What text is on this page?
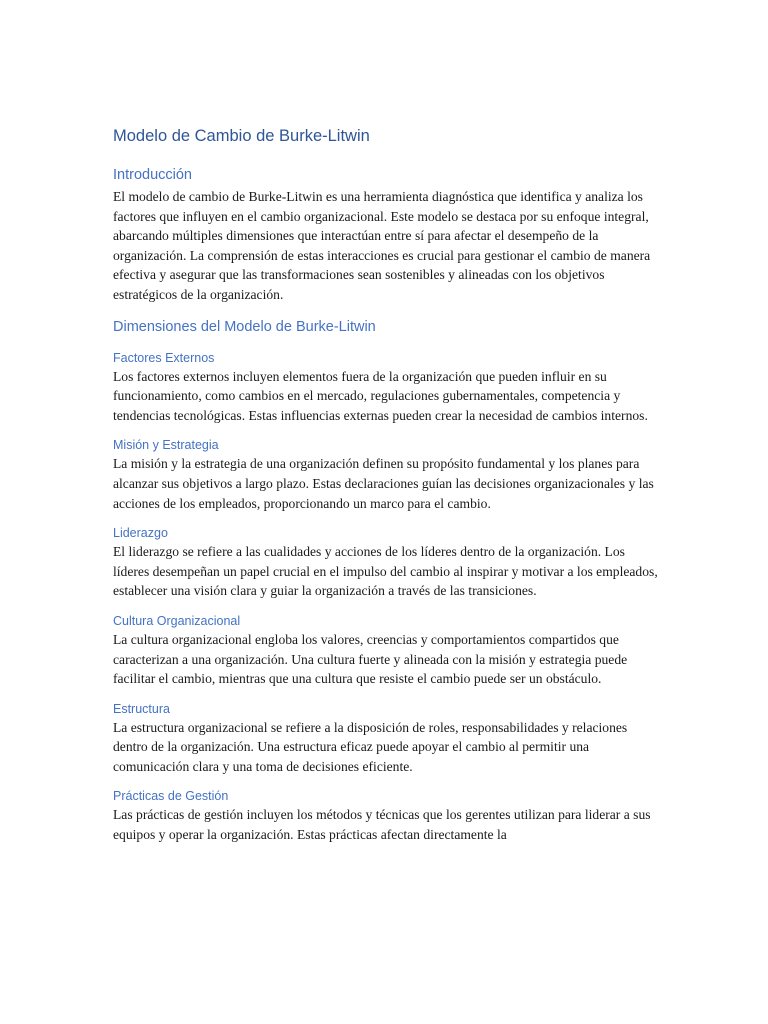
Modelo de Cambio de Burke-Litwin
Introducción

El modelo de cambio de Burke-Litwin es una herramienta diagnóstica que identifica y analiza los factores que influyen en el cambio organizacional. Este modelo se destaca por su enfoque integral, abarcando múltiples dimensiones que interactúan entre sí para afectar el desempeño de la organización. La comprensión de estas interacciones es crucial para gestionar el cambio de manera efectiva y asegurar que las transformaciones sean sostenibles y alineadas con los objetivos estratégicos de la organización.

Dimensiones del Modelo de Burke-Litwin
Factores Externos

Los factores externos incluyen elementos fuera de la organización que pueden influir en su funcionamiento, como cambios en el mercado, regulaciones gubernamentales, competencia y tendencias tecnológicas. Estas influencias externas pueden crear la necesidad de cambios internos.

Misión y Estrategia

La misión y la estrategia de una organización definen su propósito fundamental y los planes para alcanzar sus objetivos a largo plazo. Estas declaraciones guían las decisiones organizacionales y las acciones de los empleados, proporcionando un marco para el cambio.

Liderazgo

El liderazgo se refiere a las cualidades y acciones de los líderes dentro de la organización. Los líderes desempeñan un papel crucial en el impulso del cambio al inspirar y motivar a los empleados, establecer una visión clara y guiar la organización a través de las transiciones.

Cultura Organizacional

La cultura organizacional engloba los valores, creencias y comportamientos compartidos que caracterizan a una organización. Una cultura fuerte y alineada con la misión y estrategia puede facilitar el cambio, mientras que una cultura que resiste el cambio puede ser un obstáculo.

Estructura

La estructura organizacional se refiere a la disposición de roles, responsabilidades y relaciones dentro de la organización. Una estructura eficaz puede apoyar el cambio al permitir una comunicación clara y una toma de decisiones eficiente.

Prácticas de Gestión

Las prácticas de gestión incluyen los métodos y técnicas que los gerentes utilizan para liderar a sus equipos y operar la organización. Estas prácticas afectan directamente la
